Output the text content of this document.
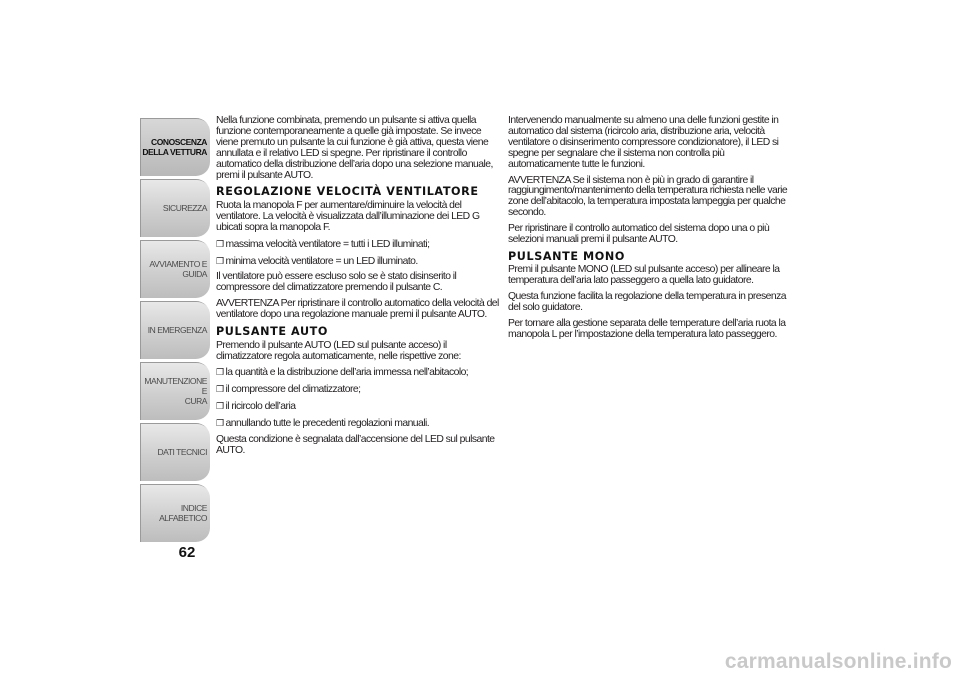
CONOSCENZA
DELLA VETTURA
SICUREZZA
AVVIAMENTO E
GUIDA
IN EMERGENZA
MANUTENZIONE E
CURA
DATI TECNICI
INDICE ALFABETICO
62

Nella funzione combinata, premendo un pulsante si attiva quella funzione contemporaneamente a quelle già impostate. Se invece viene premuto un pulsante la cui funzione è già attiva, questa viene annullata e il relativo LED si spegne. Per ripristinare il controllo automatico della distribuzione dell’aria dopo una selezione manuale, premi il pulsante AUTO.

REGOLAZIONE VELOCITÀ VENTILATORE

Ruota la manopola F per aumentare/diminuire la velocità del ventilatore. La velocità è visualizzata dall’illuminazione dei LED G ubicati sopra la manopola F.

❒ massima velocità ventilatore = tutti i LED illuminati;

❒ minima velocità ventilatore = un LED illuminato.

Il ventilatore può essere escluso solo se è stato disinserito il compressore del climatizzatore premendo il pulsante C.

AVVERTENZA Per ripristinare il controllo automatico della velocità del ventilatore dopo una regolazione manuale premi il pulsante AUTO.

PULSANTE AUTO

Premendo il pulsante AUTO (LED sul pulsante acceso) il climatizzatore regola automaticamente, nelle rispettive zone:

❒ la quantità e la distribuzione dell’aria immessa nell’abitacolo;

❒ il compressore del climatizzatore;

❒ il ricircolo dell’aria

❒ annullando tutte le precedenti regolazioni manuali.

Questa condizione è segnalata dall’accensione del LED sul pulsante AUTO.

Intervenendo manualmente su almeno una delle funzioni gestite in automatico dal sistema (ricircolo aria, distribuzione aria, velocità ventilatore o disinserimento compressore condizionatore), il LED si spegne per segnalare che il sistema non controlla più automaticamente tutte le funzioni.

AVVERTENZA Se il sistema non è più in grado di garantire il raggiungimento/mantenimento della temperatura richiesta nelle varie zone dell’abitacolo, la temperatura impostata lampeggia per qualche secondo.

Per ripristinare il controllo automatico del sistema dopo una o più selezioni manuali premi il pulsante AUTO.

PULSANTE MONO

Premi il pulsante MONO (LED sul pulsante acceso) per allineare la temperatura dell’aria lato passeggero a quella lato guidatore.

Questa funzione facilita la regolazione della temperatura in presenza del solo guidatore.

Per tornare alla gestione separata delle temperature dell’aria ruota la manopola L per l’impostazione della temperatura lato passeggero.

carmanualsonline.info
